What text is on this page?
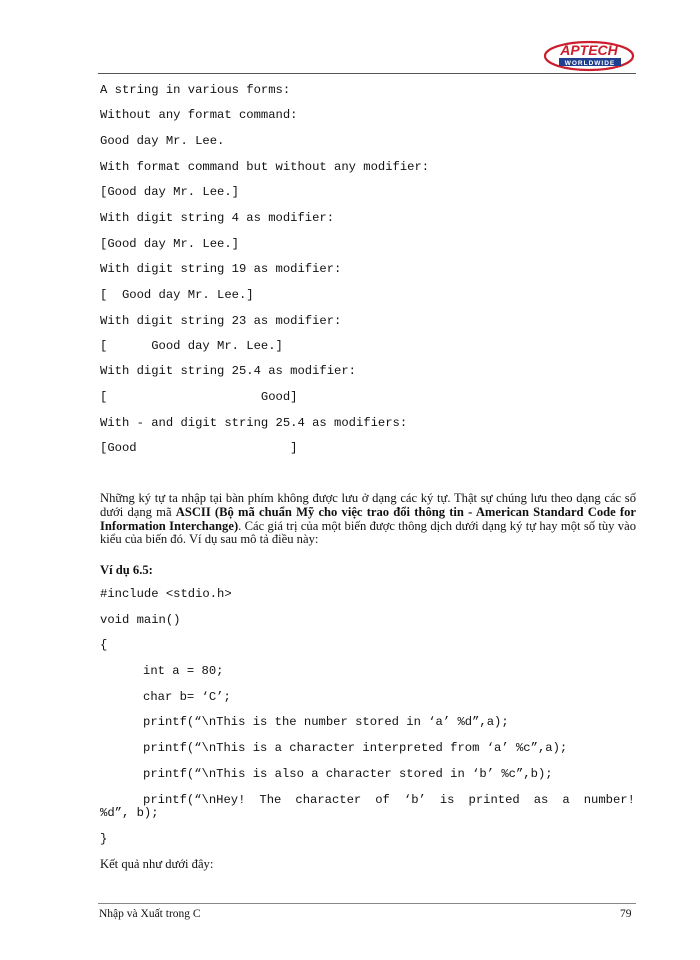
APTECH
WORLDWIDE
A string in various forms:
Without any format command:
Good day Mr. Lee.
With format command but without any modifier:
[Good day Mr. Lee.]
With digit string 4 as modifier:
[Good day Mr. Lee.]
With digit string 19 as modifier:
[  Good day Mr. Lee.]
With digit string 23 as modifier:
[      Good day Mr. Lee.]
With digit string 25.4 as modifier:
[                     Good]
With - and digit string 25.4 as modifiers:
[Good                     ]

Những ký tự ta nhập tại bàn phím không được lưu ở dạng các ký tự. Thật sự chúng lưu theo dạng các số dưới dạng mã ASCII (Bộ mã chuẩn Mỹ cho việc trao đổi thông tin - American Standard Code for Information Interchange). Các giá trị của một biến được thông dịch dưới dạng ký tự hay một số tùy vào kiểu của biến đó. Ví dụ sau mô tả điều này:

Ví dụ 6.5:
#include <stdio.h>
void main()
{
int a = 80;
char b= ‘C’;
printf(“\nThis is the number stored in ‘a’ %d”,a);
printf(“\nThis is a character interpreted from ‘a’ %c”,a);
printf(“\nThis is also a character stored in ‘b’ %c”,b);
printf(“\nHey! The character of ‘b’ is printed as a number!
%d”, b);
}
Kết quả như dưới đây:
Nhập và Xuất trong C	79
